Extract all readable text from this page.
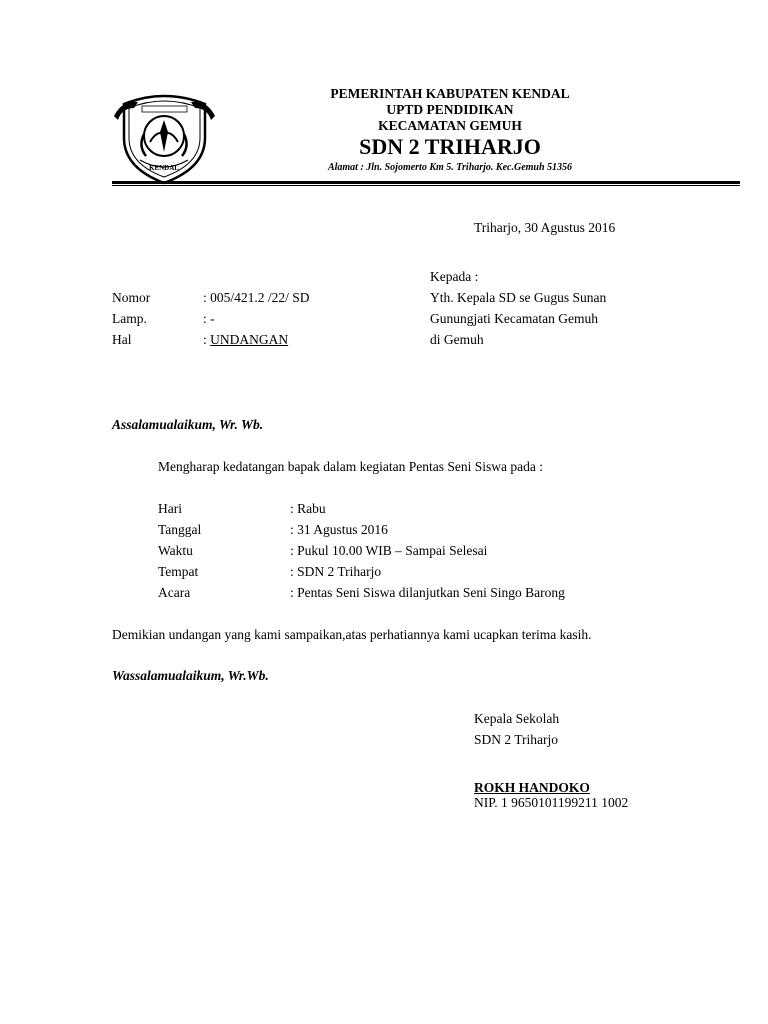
KENDAL
PEMERINTAH KABUPATEN KENDAL
UPTD PENDIDIKAN
KECAMATAN GEMUH
SDN 2 TRIHARJO
Alamat : Jln. Sojomerto Km 5. Triharjo. Kec.Gemuh 51356
Triharjo, 30 Agustus 2016
Kepada :
Yth. Kepala SD se Gugus Sunan
Gunungjati Kecamatan Gemuh
di Gemuh
Nomor	: 005/421.2 /22/ SD
Lamp.	: -
Hal	: UNDANGAN
Assalamualaikum, Wr. Wb.
Mengharap kedatangan bapak dalam kegiatan Pentas Seni Siswa pada :
Hari	: Rabu
Tanggal	: 31 Agustus 2016
Waktu	: Pukul 10.00 WIB – Sampai Selesai
Tempat	: SDN 2 Triharjo
Acara	: Pentas Seni Siswa dilanjutkan Seni Singo Barong
Demikian undangan yang kami sampaikan,atas perhatiannya kami ucapkan terima kasih.
Wassalamualaikum, Wr.Wb.
Kepala Sekolah
SDN 2 Triharjo
ROKH HANDOKO
NIP. 1 9650101199211 1002
